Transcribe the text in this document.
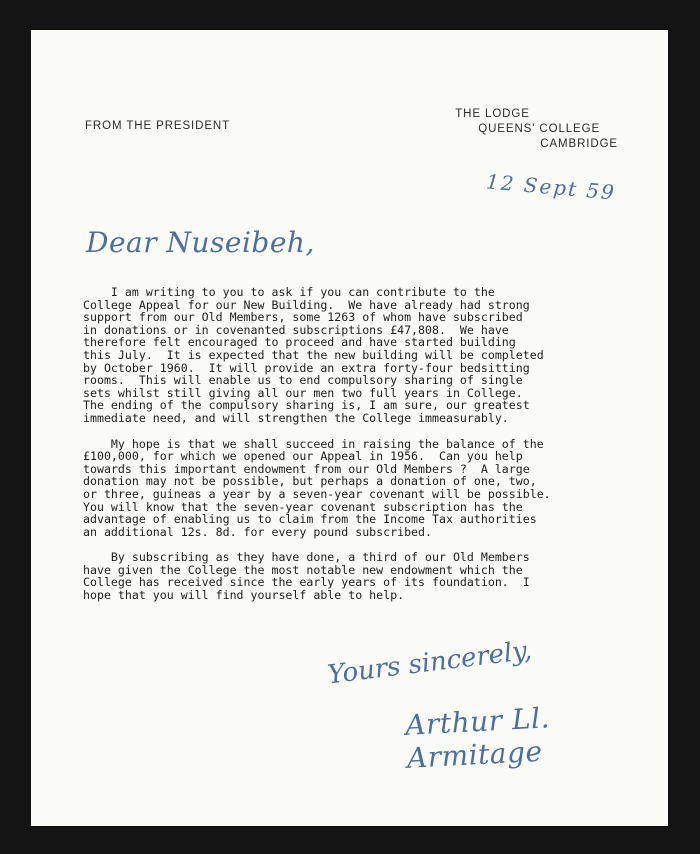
FROM THE PRESIDENT
THE LODGE
QUEENS' COLLEGE
CAMBRIDGE
12 Sept 59
Dear Nuseibeh,
I am writing to you to ask if you can contribute to the
College Appeal for our New Building.  We have already had strong
support from our Old Members, some 1263 of whom have subscribed
in donations or in covenanted subscriptions £47,808.  We have
therefore felt encouraged to proceed and have started building
this July.  It is expected that the new building will be completed
by October 1960.  It will provide an extra forty-four bedsitting
rooms.  This will enable us to end compulsory sharing of single
sets whilst still giving all our men two full years in College.
The ending of the compulsory sharing is, I am sure, our greatest
immediate need, and will strengthen the College immeasurably.
My hope is that we shall succeed in raising the balance of the
£100,000, for which we opened our Appeal in 1956.  Can you help
towards this important endowment from our Old Members ?  A large
donation may not be possible, but perhaps a donation of one, two,
or three, guineas a year by a seven-year covenant will be possible.
You will know that the seven-year covenant subscription has the
advantage of enabling us to claim from the Income Tax authorities
an additional 12s. 8d. for every pound subscribed.
By subscribing as they have done, a third of our Old Members
have given the College the most notable new endowment which the
College has received since the early years of its foundation.  I
hope that you will find yourself able to help.
Yours sincerely,
Arthur Ll. Armitage
